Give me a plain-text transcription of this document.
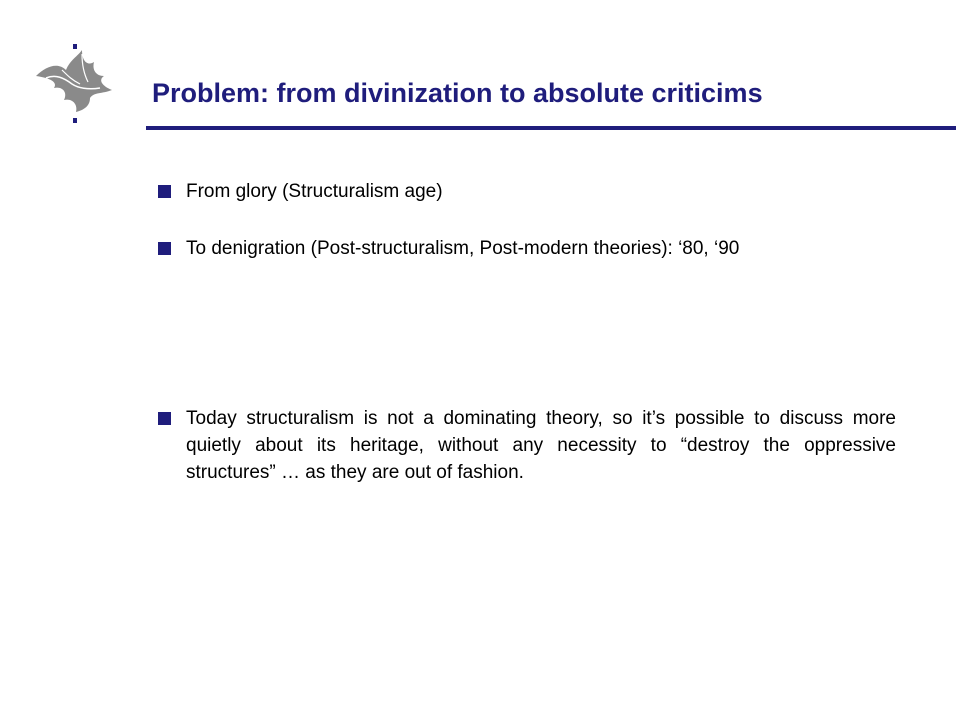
Problem: from divinization to absolute criticims
From glory (Structuralism age)
To denigration (Post-structuralism, Post-modern theories): ‘80, ‘90
Today structuralism is not a dominating theory, so it’s possible to discuss more quietly about its heritage, without any necessity to “destroy the oppressive structures” … as they are out of fashion.
